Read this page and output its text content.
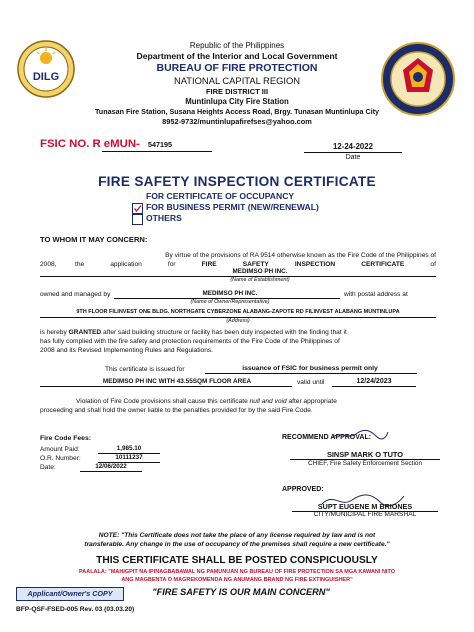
DILG
Republic of the Philippines
Department of the Interior and Local Government
BUREAU OF FIRE PROTECTION
NATIONAL CAPITAL REGION
FIRE DISTRICT III
Muntinlupa City Fire Station
Tunasan Fire Station, Susana Heights Access Road, Brgy. Tunasan Muntinlupa City
8952-9732/muntinlupafirefses@yahoo.com
FSIC NO. R eMUN- 547195	12-24-2022
Date
FIRE SAFETY INSPECTION CERTIFICATE
FOR CERTIFICATE OF OCCUPANCY
FOR BUSINESS PERMIT (NEW/RENEWAL)
OTHERS
TO WHOM IT MAY CONCERN:
By virtue of the provisions of RA 9514 otherwise known as the Fire Code of the Philippines of
2008,	the	application	for	FIRE	SAFETY	INSPECTION	CERTIFICATE	of
MEDIMSO PH INC.
(Name of Establishment)
owned and managed by	MEDIMSO PH INC.	with postal address at
(Name of Owner/Representative)
9TH FLOOR FILINVEST ONE BLDG. NORTHGATE CYBERZONE ALABANG-ZAPOTE RD FILINVEST ALABANG MUNTINLUPA
(Address)
is hereby GRANTED after said building structure or facility has been duly inspected with the finding that it
has fully complied with the fire safety and protection requirements of the Fire Code of the Philippines of
2008 and its Revised Implementing Rules and Regulations.
This certificate is issued for	issuance of FSIC for business permit only
MEDIMSO PH INC WITH 43.55SQM FLOOR AREA	valid until	12/24/2023
Violation of Fire Code provisions shall cause this certificate null and void after appropriate
proceeding and shall hold the owner liable to the penalties provided for by the said Fire Code.
Fire Code Fees:
Amount Paid:	1,985.10
O.R. Number:	10111237
Date:	12/06/2022
RECOMMEND APPROVAL:
SINSP MARK O TUTO
CHIEF, Fire Safety Enforcement Section
APPROVED:
SUPT EUGENE M BRIONES
CITY/MUNICIPAL FIRE MARSHAL
NOTE: "This Certificate does not take the place of any license required by law and is not
transferable. Any change in the use of occupancy of the premises shall require a new certificate."
THIS CERTIFICATE SHALL BE POSTED CONSPICUOUSLY
PAALALA: "MAHIGPIT NA IPINAGBABAWAL NG PAMUNUAN NG BUREAU OF FIRE PROTECTION SA MGA KAWANI NITO
ANG MAGBENTA O MAGREKOMENDA NG ANUMANG BRAND NG FIRE EXTINGUISHER"
Applicant/Owner's COPY	"FIRE SAFETY IS OUR MAIN CONCERN"
BFP-QSF-FSED-005 Rev. 03 (03.03.20)
